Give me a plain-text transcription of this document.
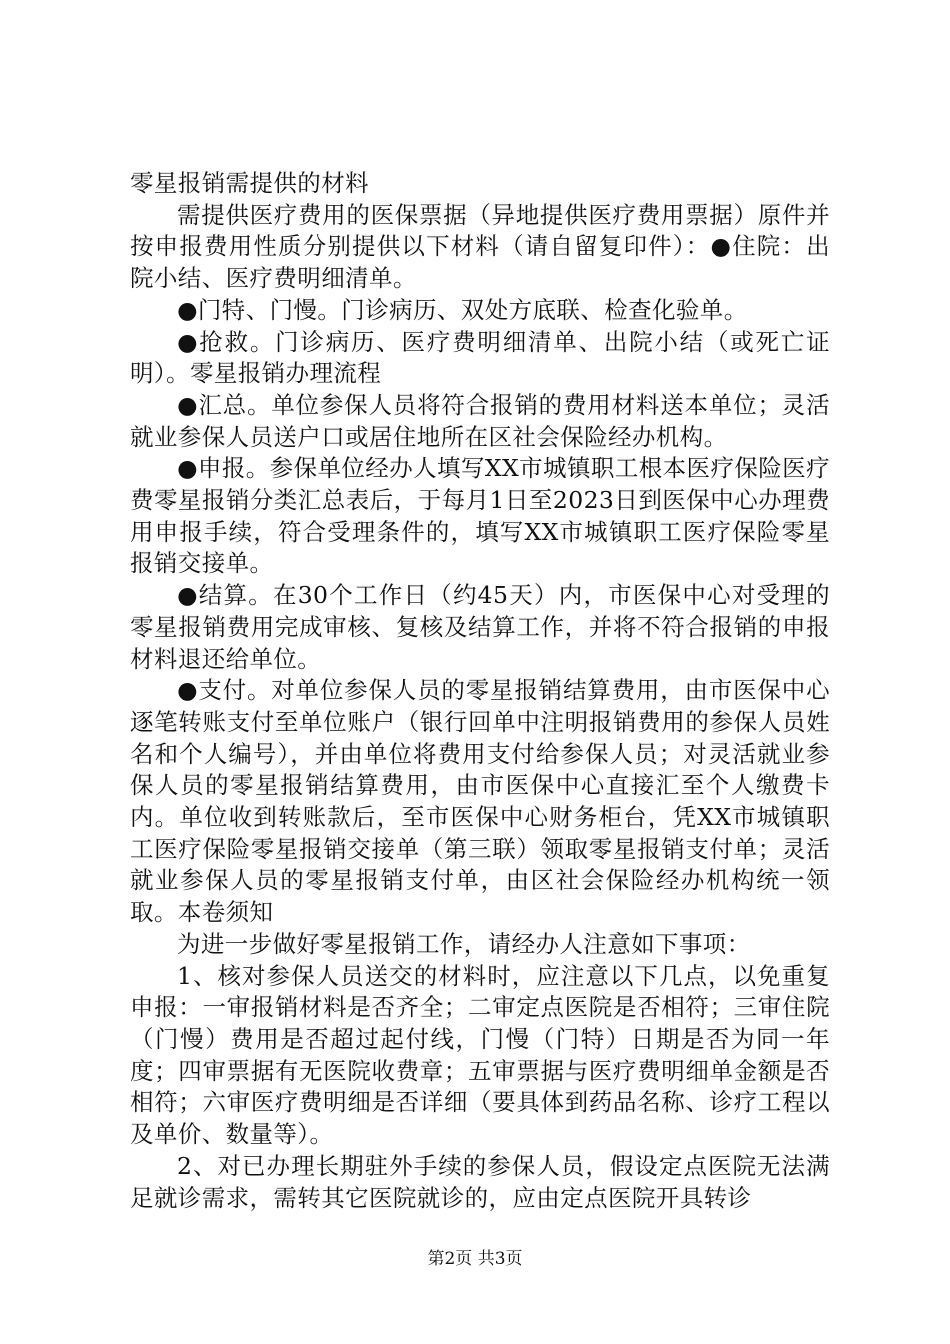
零星报销需提供的材料

需提供医疗费用的医保票据（异地提供医疗费用票据）原件并按申报费用性质分别提供以下材料（请自留复印件）：●住院：出院小结、医疗费明细清单。

●门特、门慢。门诊病历、双处方底联、检查化验单。

●抢救。门诊病历、医疗费明细清单、出院小结（或死亡证明）。零星报销办理流程

●汇总。单位参保人员将符合报销的费用材料送本单位；灵活就业参保人员送户口或居住地所在区社会保险经办机构。

●申报。参保单位经办人填写XX市城镇职工根本医疗保险医疗费零星报销分类汇总表后，于每月1日至2023日到医保中心办理费用申报手续，符合受理条件的，填写XX市城镇职工医疗保险零星报销交接单。

●结算。在30个工作日（约45天）内，市医保中心对受理的零星报销费用完成审核、复核及结算工作，并将不符合报销的申报材料退还给单位。

●支付。对单位参保人员的零星报销结算费用，由市医保中心逐笔转账支付至单位账户（银行回单中注明报销费用的参保人员姓名和个人编号），并由单位将费用支付给参保人员；对灵活就业参保人员的零星报销结算费用，由市医保中心直接汇至个人缴费卡内。单位收到转账款后，至市医保中心财务柜台，凭XX市城镇职工医疗保险零星报销交接单（第三联）领取零星报销支付单；灵活就业参保人员的零星报销支付单，由区社会保险经办机构统一领取。本卷须知

为进一步做好零星报销工作，请经办人注意如下事项：

1、核对参保人员送交的材料时，应注意以下几点，以免重复申报：一审报销材料是否齐全；二审定点医院是否相符；三审住院（门慢）费用是否超过起付线，门慢（门特）日期是否为同一年度；四审票据有无医院收费章；五审票据与医疗费明细单金额是否相符；六审医疗费明细是否详细（要具体到药品名称、诊疗工程以及单价、数量等）。

2、对已办理长期驻外手续的参保人员，假设定点医院无法满足就诊需求，需转其它医院就诊的，应由定点医院开具转诊

第2页 共3页
